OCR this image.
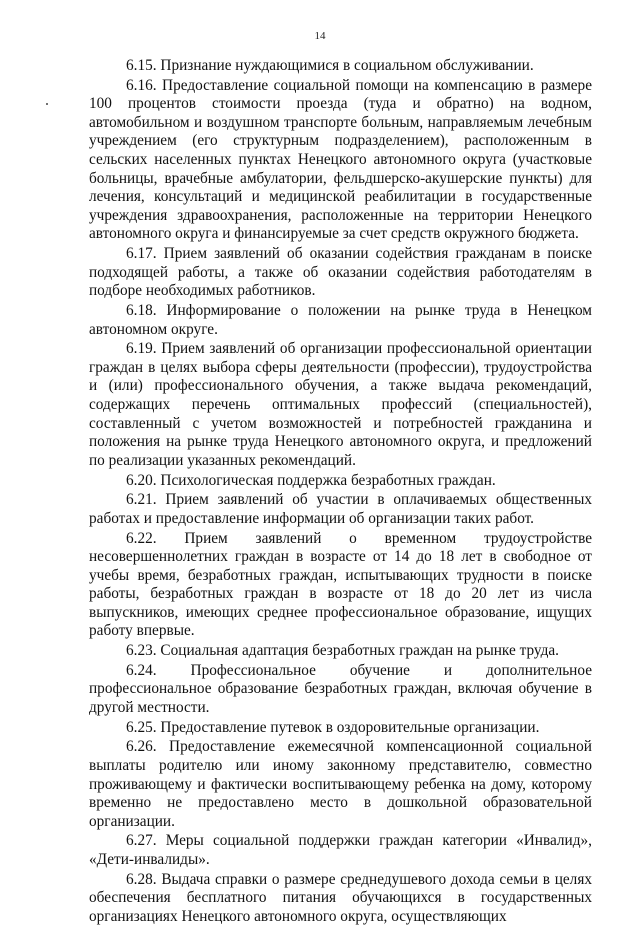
14

6.15. Признание нуждающимися в социальном обслуживании.

6.16. Предоставление социальной помощи на компенсацию в размере 100 процентов стоимости проезда (туда и обратно) на водном, автомобильном и воздушном транспорте больным, направляемым лечебным учреждением (его структурным подразделением), расположенным в сельских населенных пунктах Ненецкого автономного округа (участковые больницы, врачебные амбулатории, фельдшерско-акушерские пункты) для лечения, консультаций и медицинской реабилитации в государственные учреждения здравоохранения, расположенные на территории Ненецкого автономного округа и финансируемые за счет средств окружного бюджета.

6.17. Прием заявлений об оказании содействия гражданам в поиске подходящей работы, а также об оказании содействия работодателям в подборе необходимых работников.

6.18. Информирование о положении на рынке труда в Ненецком автономном округе.

6.19. Прием заявлений об организации профессиональной ориентации граждан в целях выбора сферы деятельности (профессии), трудоустройства и (или) профессионального обучения, а также выдача рекомендаций, содержащих перечень оптимальных профессий (специальностей), составленный с учетом возможностей и потребностей гражданина и положения на рынке труда Ненецкого автономного округа, и предложений по реализации указанных рекомендаций.

6.20. Психологическая поддержка безработных граждан.

6.21. Прием заявлений об участии в оплачиваемых общественных работах и предоставление информации об организации таких работ.

6.22. Прием заявлений о временном трудоустройстве несовершеннолетних граждан в возрасте от 14 до 18 лет в свободное от учебы время, безработных граждан, испытывающих трудности в поиске работы, безработных граждан в возрасте от 18 до 20 лет из числа выпускников, имеющих среднее профессиональное образование, ищущих работу впервые.

6.23. Социальная адаптация безработных граждан на рынке труда.

6.24. Профессиональное обучение и дополнительное профессиональное образование безработных граждан, включая обучение в другой местности.

6.25. Предоставление путевок в оздоровительные организации.

6.26. Предоставление ежемесячной компенсационной социальной выплаты родителю или иному законному представителю, совместно проживающему и фактически воспитывающему ребенка на дому, которому временно не предоставлено место в дошкольной образовательной организации.

6.27. Меры социальной поддержки граждан категории «Инвалид», «Дети-инвалиды».

6.28. Выдача справки о размере среднедушевого дохода семьи в целях обеспечения бесплатного питания обучающихся в государственных организациях Ненецкого автономного округа, осуществляющих
